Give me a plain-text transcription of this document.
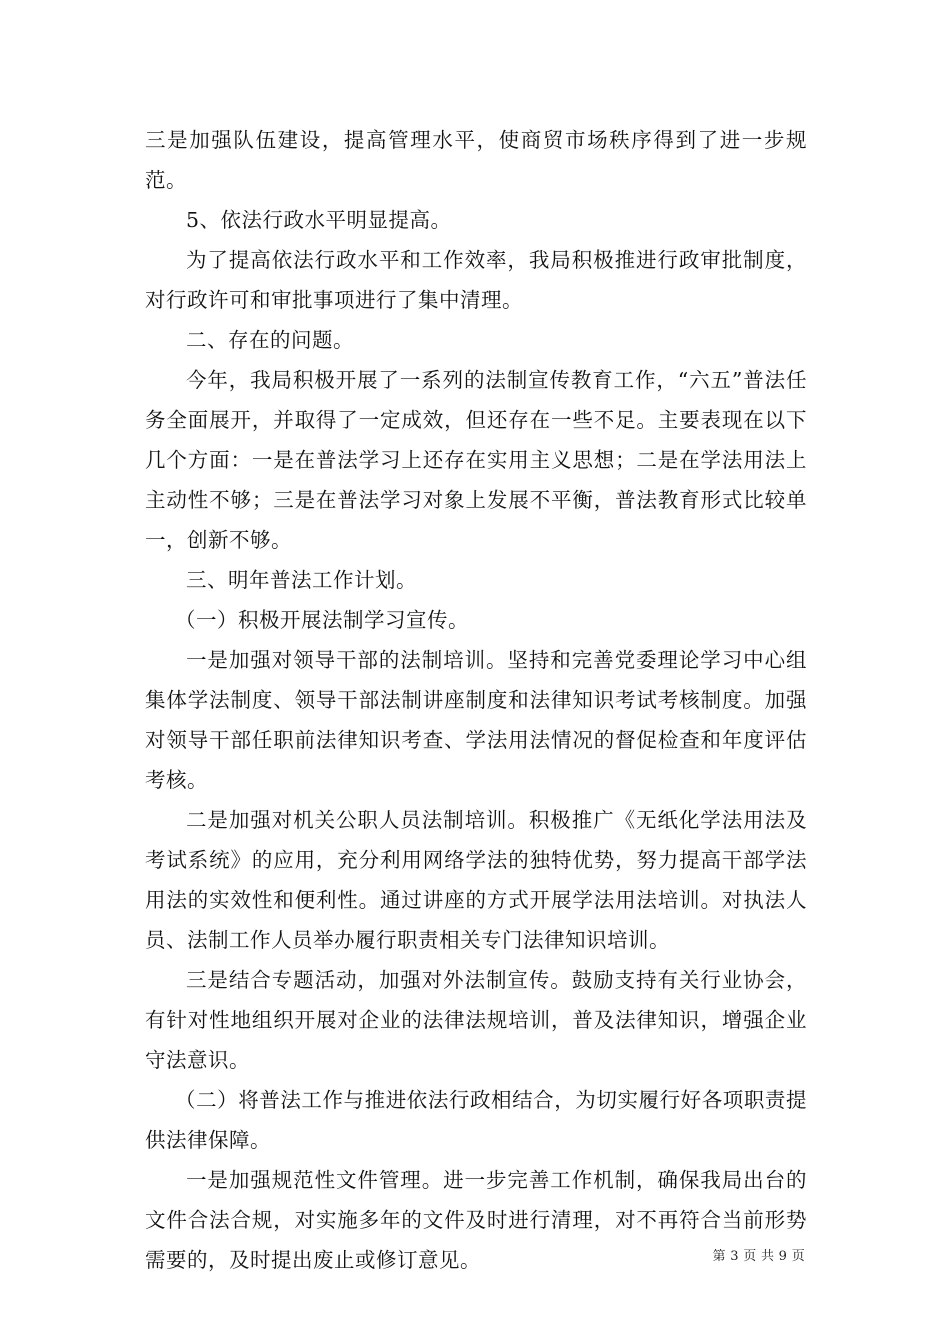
三是加强队伍建设，提高管理水平，使商贸市场秩序得到了进一步规范。

5、依法行政水平明显提高。

为了提高依法行政水平和工作效率，我局积极推进行政审批制度，对行政许可和审批事项进行了集中清理。

二、存在的问题。

今年，我局积极开展了一系列的法制宣传教育工作，“六五”普法任务全面展开，并取得了一定成效，但还存在一些不足。主要表现在以下几个方面：一是在普法学习上还存在实用主义思想；二是在学法用法上主动性不够；三是在普法学习对象上发展不平衡，普法教育形式比较单一，创新不够。

三、明年普法工作计划。

（一）积极开展法制学习宣传。

一是加强对领导干部的法制培训。坚持和完善党委理论学习中心组集体学法制度、领导干部法制讲座制度和法律知识考试考核制度。加强对领导干部任职前法律知识考查、学法用法情况的督促检查和年度评估考核。

二是加强对机关公职人员法制培训。积极推广《无纸化学法用法及考试系统》的应用，充分利用网络学法的独特优势，努力提高干部学法用法的实效性和便利性。通过讲座的方式开展学法用法培训。对执法人员、法制工作人员举办履行职责相关专门法律知识培训。

三是结合专题活动，加强对外法制宣传。鼓励支持有关行业协会，有针对性地组织开展对企业的法律法规培训，普及法律知识，增强企业守法意识。

（二）将普法工作与推进依法行政相结合，为切实履行好各项职责提供法律保障。

一是加强规范性文件管理。进一步完善工作机制，确保我局出台的文件合法合规，对实施多年的文件及时进行清理，对不再符合当前形势需要的，及时提出废止或修订意见。	第 3 页 共 9 页
